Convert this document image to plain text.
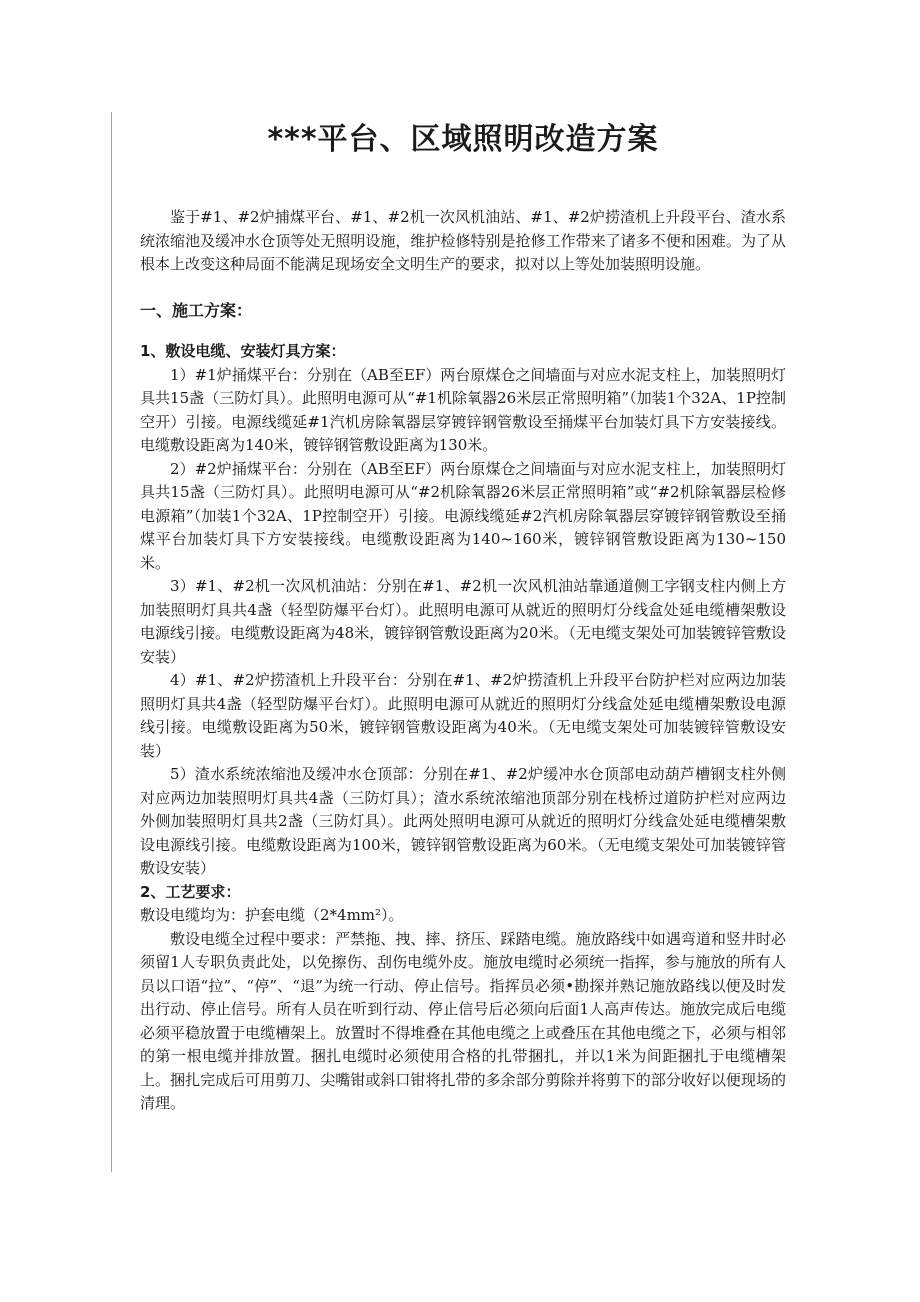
***平台、区域照明改造方案

鉴于#1、#2炉捕煤平台、#1、#2机一次风机油站、#1、#2炉捞渣机上升段平台、渣水系统浓缩池及缓冲水仓顶等处无照明设施，维护检修特别是抢修工作带来了诸多不便和困难。为了从根本上改变这种局面不能满足现场安全文明生产的要求，拟对以上等处加装照明设施。

一、施工方案：

1、敷设电缆、安装灯具方案：

1）#1炉捅煤平台：分别在（AB至EF）两台原煤仓之间墙面与对应水泥支柱上，加装照明灯具共15盏（三防灯具）。此照明电源可从“#1机除氧器26米层正常照明箱”（加装1个32A、1P控制空开）引接。电源线缆延#1汽机房除氧器层穿镀锌钢管敷设至捅煤平台加装灯具下方安装接线。电缆敷设距离为140米，镀锌钢管敷设距离为130米。

2）#2炉捅煤平台：分别在（AB至EF）两台原煤仓之间墙面与对应水泥支柱上，加装照明灯具共15盏（三防灯具）。此照明电源可从“#2机除氧器26米层正常照明箱”或“#2机除氧器层检修电源箱”（加装1个32A、1P控制空开）引接。电源线缆延#2汽机房除氧器层穿镀锌钢管敷设至捅煤平台加装灯具下方安装接线。电缆敷设距离为140~160米，镀锌钢管敷设距离为130~150米。

3）#1、#2机一次风机油站：分别在#1、#2机一次风机油站靠通道侧工字钢支柱内侧上方加装照明灯具共4盏（轻型防爆平台灯）。此照明电源可从就近的照明灯分线盒处延电缆槽架敷设电源线引接。电缆敷设距离为48米，镀锌钢管敷设距离为20米。（无电缆支架处可加装镀锌管敷设安装）

4）#1、#2炉捞渣机上升段平台：分别在#1、#2炉捞渣机上升段平台防护栏对应两边加装照明灯具共4盏（轻型防爆平台灯）。此照明电源可从就近的照明灯分线盒处延电缆槽架敷设电源线引接。电缆敷设距离为50米，镀锌钢管敷设距离为40米。（无电缆支架处可加装镀锌管敷设安装）

5）渣水系统浓缩池及缓冲水仓顶部：分别在#1、#2炉缓冲水仓顶部电动葫芦槽钢支柱外侧对应两边加装照明灯具共4盏（三防灯具）；渣水系统浓缩池顶部分别在栈桥过道防护栏对应两边外侧加装照明灯具共2盏（三防灯具）。此两处照明电源可从就近的照明灯分线盒处延电缆槽架敷设电源线引接。电缆敷设距离为100米，镀锌钢管敷设距离为60米。（无电缆支架处可加装镀锌管敷设安装）

2、工艺要求：

敷设电缆均为：护套电缆（2*4mm²）。

敷设电缆全过程中要求：严禁拖、拽、摔、挤压、踩踏电缆。施放路线中如遇弯道和竖井时必须留1人专职负责此处，以免擦伤、刮伤电缆外皮。施放电缆时必须统一指挥，参与施放的所有人员以口语“拉”、“停”、“退”为统一行动、停止信号。指挥员必须•勘探并熟记施放路线以便及时发出行动、停止信号。所有人员在听到行动、停止信号后必须向后面1人高声传达。施放完成后电缆必须平稳放置于电缆槽架上。放置时不得堆叠在其他电缆之上或叠压在其他电缆之下，必须与相邻的第一根电缆并排放置。捆扎电缆时必须使用合格的扎带捆扎，并以1米为间距捆扎于电缆槽架上。捆扎完成后可用剪刀、尖嘴钳或斜口钳将扎带的多余部分剪除并将剪下的部分收好以便现场的清理。
